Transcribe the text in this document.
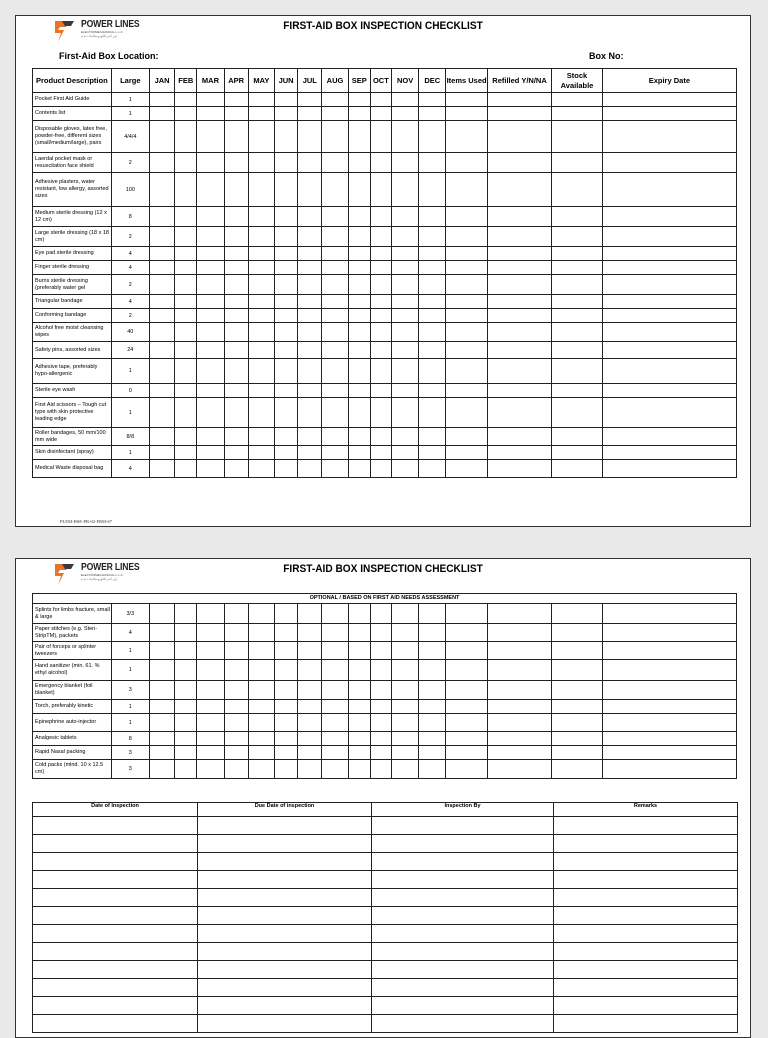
POWER LINES
ELECTROMECHANICAL L.L.C
باور لاينز للكهروميكانيك ذ.م.م
FIRST-AID BOX INSPECTION CHECKLIST
First-Aid Box Location:	Box No:
Product Description	Large	JAN	FEB	MAR	APR	MAY	JUN	JUL	AUG	SEP	OCT	NOV	DEC	Items Used	Refilled Y/N/NA	Stock Available	Expiry Date
Pocket First Aid Guide	1																
Contents list	1																
Disposable gloves, latex free, powder-free, different sizes (small/medium/large), pairs	4/4/4																
Laerdal pocket mask or resuscitation face shield	2																
Adhesive plasters, water resistant, low allergy, assorted sizes	100																
Medium sterile dressing (12 x 12 cm)	8																
Large sterile dressing (18 x 18 cm)	2																
Eye pad sterile dressing	4																
Finger sterile dressing	4																
Burns sterile dressing (preferably water gel	2																
Triangular bandage	4																
Conforming bandage	2																
Alcohol free moist cleansing wipes	40																
Safety pins, assorted sizes	24																
Adhesive tape, preferably hypo-allergenic	1																
Sterile eye wash	0																
First Aid scissors – Tough cut type with skin protective leading edge	1																
Roller bandages, 50 mm/100 mm wide	8/8																
Skin disinfectant (spray)	1																
Medical Waste disposal bag	4																
PLEM-HSE-PR-02-FRM-67
POWER LINES
ELECTROMECHANICAL L.L.C
باور لاينز للكهروميكانيك ذ.م.م
FIRST-AID BOX INSPECTION CHECKLIST
OPTIONAL / BASED ON FIRST AID NEEDS ASSESSMENT																	
Splints for limbs fracture, small & large	3/3																
Paper stitches (e.g. Steri-StripTM), packets	4																
Pair of forceps or splinter tweezers	1																
Hand sanitizer (min. 61. % ethyl alcohol)	1																
Emergency blanket (foil blanket)	3																
Torch, preferably kinetic	1																
Epinephrine auto-injector	1																
Analgesic tablets	8																
Rapid Nasal packing	3																
Cold packs (mind. 10 x 12.5 cm)	3																
Date of Inspection	Due Date of inspection	Inspection By	Remarks
